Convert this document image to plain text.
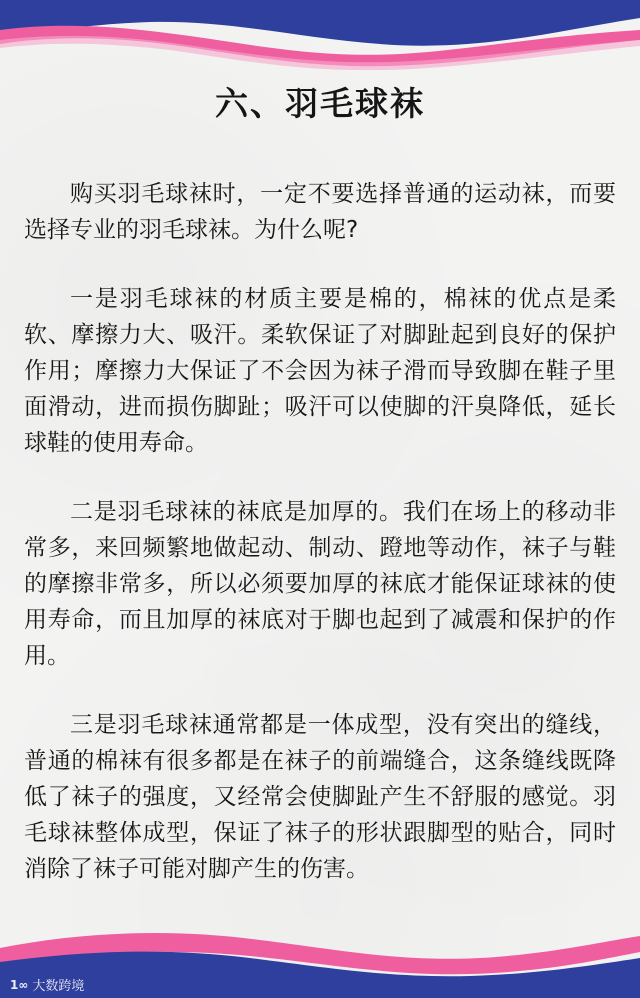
六、羽毛球袜

购买羽毛球袜时，一定不要选择普通的运动袜，而要选择专业的羽毛球袜。为什么呢?

一是羽毛球袜的材质主要是棉的，棉袜的优点是柔软、摩擦力大、吸汗。柔软保证了对脚趾起到良好的保护作用；摩擦力大保证了不会因为袜子滑而导致脚在鞋子里面滑动，进而损伤脚趾；吸汗可以使脚的汗臭降低，延长球鞋的使用寿命。

二是羽毛球袜的袜底是加厚的。我们在场上的移动非常多，来回频繁地做起动、制动、蹬地等动作，袜子与鞋的摩擦非常多，所以必须要加厚的袜底才能保证球袜的使用寿命，而且加厚的袜底对于脚也起到了减震和保护的作用。

三是羽毛球袜通常都是一体成型，没有突出的缝线，普通的棉袜有很多都是在袜子的前端缝合，这条缝线既降低了袜子的强度，又经常会使脚趾产生不舒服的感觉。羽毛球袜整体成型，保证了袜子的形状跟脚型的贴合，同时消除了袜子可能对脚产生的伤害。

1∞ 大数跨境
